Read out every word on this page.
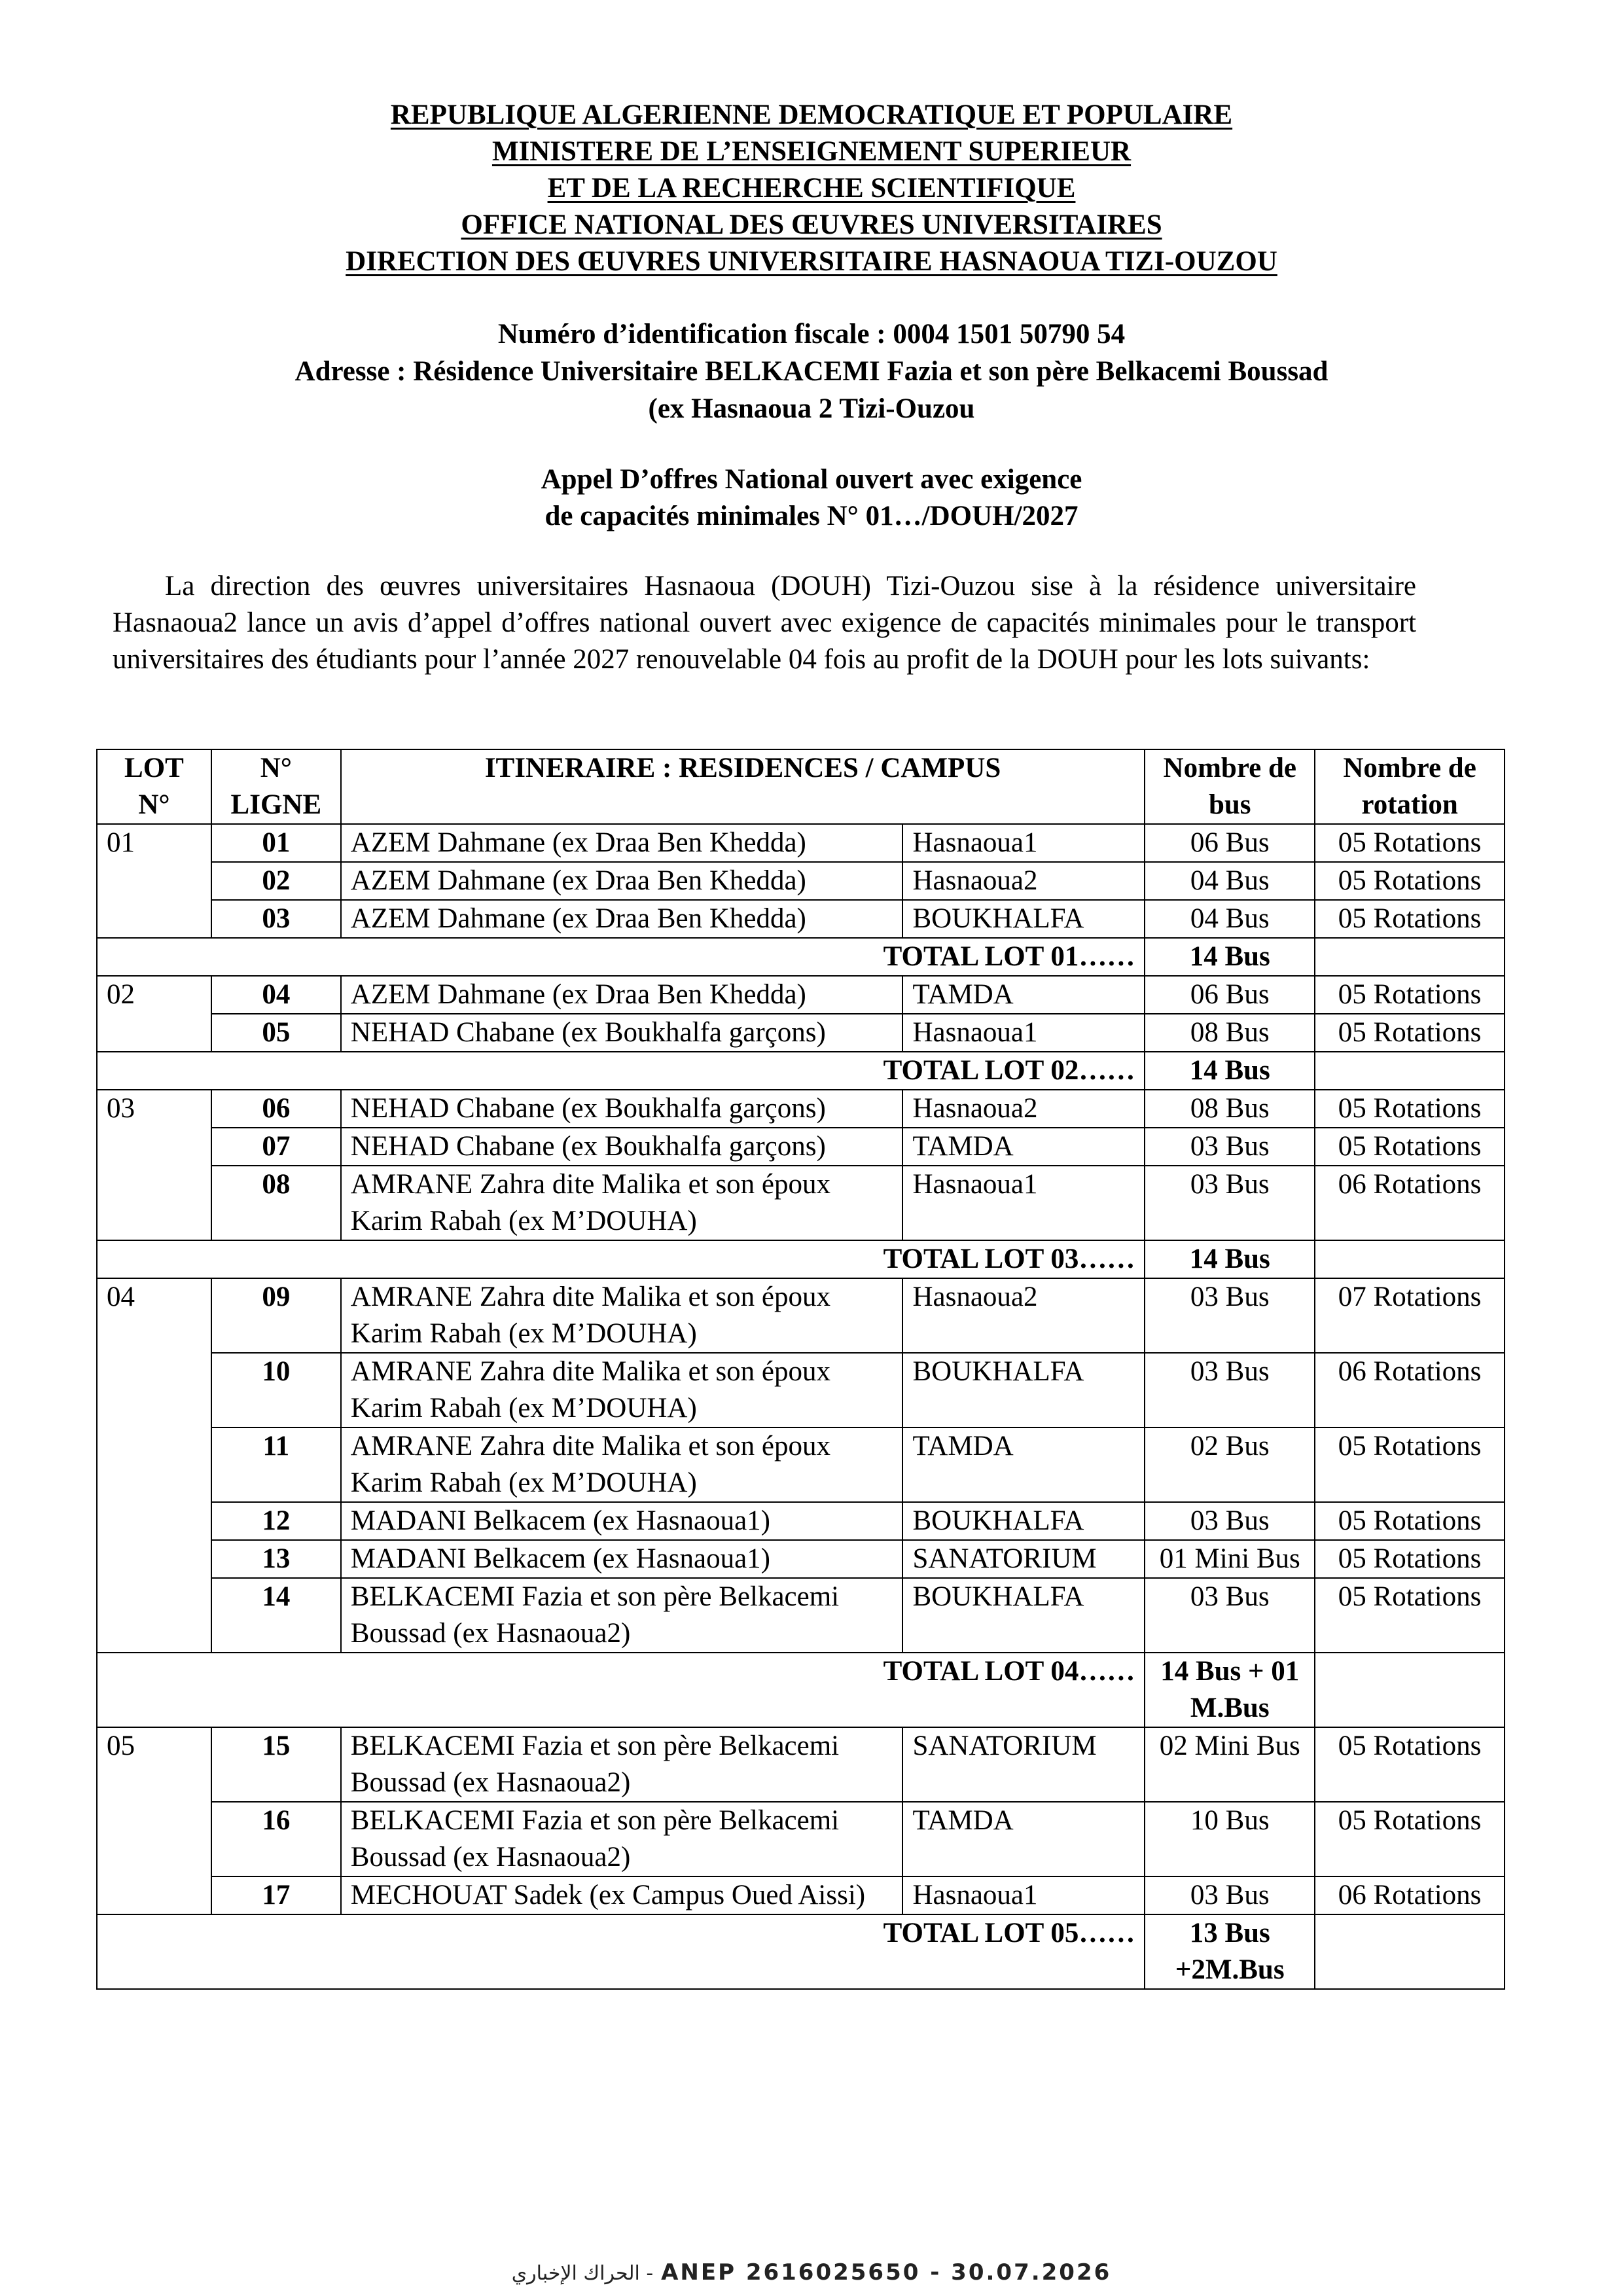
REPUBLIQUE ALGERIENNE DEMOCRATIQUE ET POPULAIRE
MINISTERE DE L’ENSEIGNEMENT SUPERIEUR
ET DE LA RECHERCHE SCIENTIFIQUE
OFFICE NATIONAL DES ŒUVRES UNIVERSITAIRES
DIRECTION DES ŒUVRES UNIVERSITAIRE HASNAOUA TIZI-OUZOU
Numéro d’identification fiscale : 0004 1501 50790 54
Adresse : Résidence Universitaire BELKACEMI Fazia et son père Belkacemi Boussad
(ex Hasnaoua 2 Tizi-Ouzou
Appel D’offres National ouvert avec exigence
de capacités minimales N° 01…/DOUH/2027
La direction des œuvres universitaires Hasnaoua (DOUH) Tizi-Ouzou sise à la résidence universitaire Hasnaoua2 lance un avis d’appel d’offres national ouvert avec exigence de capacités minimales pour le transport universitaires des étudiants pour l’année 2027 renouvelable 04 fois au profit de la DOUH pour les lots suivants:
LOT N°	N° LIGNE	ITINERAIRE : RESIDENCES / CAMPUS		Nombre de bus	Nombre de rotation
01	01	AZEM Dahmane (ex Draa Ben Khedda)	Hasnaoua1	06 Bus	05 Rotations
	02	AZEM Dahmane (ex Draa Ben Khedda)	Hasnaoua2	04 Bus	05 Rotations
	03	AZEM Dahmane (ex Draa Ben Khedda)	BOUKHALFA	04 Bus	05 Rotations
TOTAL LOT 01……				14 Bus	
02	04	AZEM Dahmane (ex Draa Ben Khedda)	TAMDA	06 Bus	05 Rotations
	05	NEHAD Chabane (ex Boukhalfa garçons)	Hasnaoua1	08 Bus	05 Rotations
TOTAL LOT 02……				14 Bus	
03	06	NEHAD Chabane (ex Boukhalfa garçons)	Hasnaoua2	08 Bus	05 Rotations
	07	NEHAD Chabane (ex Boukhalfa garçons)	TAMDA	03 Bus	05 Rotations
	08	AMRANE Zahra dite Malika et son époux Karim Rabah (ex M’DOUHA)	Hasnaoua1	03 Bus	06 Rotations
TOTAL LOT 03……				14 Bus	
04	09	AMRANE Zahra dite Malika et son époux Karim Rabah (ex M’DOUHA)	Hasnaoua2	03 Bus	07 Rotations
	10	AMRANE Zahra dite Malika et son époux Karim Rabah (ex M’DOUHA)	BOUKHALFA	03 Bus	06 Rotations
	11	AMRANE Zahra dite Malika et son époux Karim Rabah (ex M’DOUHA)	TAMDA	02 Bus	05 Rotations
	12	MADANI Belkacem (ex Hasnaoua1)	BOUKHALFA	03 Bus	05 Rotations
	13	MADANI Belkacem (ex Hasnaoua1)	SANATORIUM	01 Mini Bus	05 Rotations
	14	BELKACEMI Fazia et son père Belkacemi Boussad (ex Hasnaoua2)	BOUKHALFA	03 Bus	05 Rotations
TOTAL LOT 04……				14 Bus + 01 M.Bus	
05	15	BELKACEMI Fazia et son père Belkacemi Boussad (ex Hasnaoua2)	SANATORIUM	02 Mini Bus	05 Rotations
	16	BELKACEMI Fazia et son père Belkacemi Boussad (ex Hasnaoua2)	TAMDA	10 Bus	05 Rotations
	17	MECHOUAT Sadek (ex Campus Oued Aissi)	Hasnaoua1	03 Bus	06 Rotations
TOTAL LOT 05……				13 Bus +2M.Bus	
الحراك الإخباري - ANEP 2616025650 - 30.07.2026
